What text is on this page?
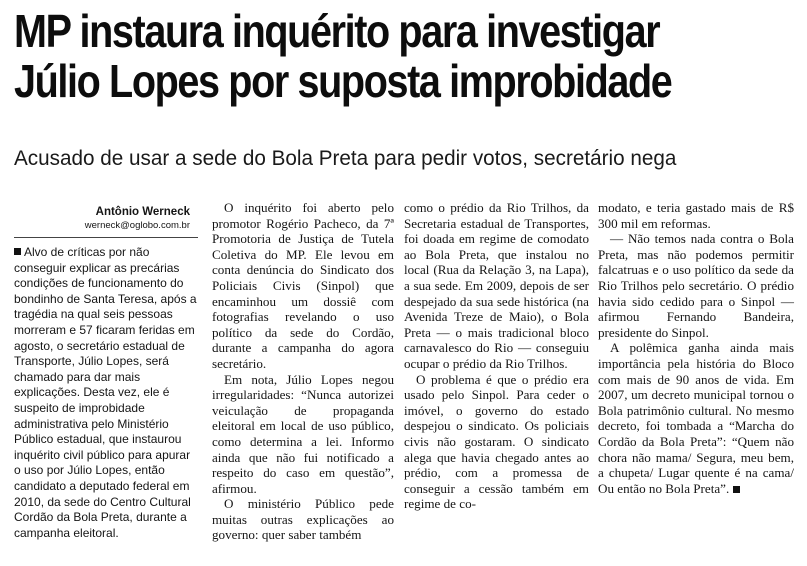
MP instaura inquérito para investigar
Júlio Lopes por suposta improbidade
Acusado de usar a sede do Bola Preta para pedir votos, secretário nega
Antônio Werneck
werneck@oglobo.com.br

Alvo de críticas por não conseguir explicar as precárias condições de funcionamento do bondinho de Santa Teresa, após a tragédia na qual seis pessoas morreram e 57 ficaram feridas em agosto, o secretário estadual de Transporte, Júlio Lopes, será chamado para dar mais explicações. Desta vez, ele é suspeito de improbidade administrativa pelo Ministério Público estadual, que instaurou inquérito civil público para apurar o uso por Júlio Lopes, então candidato a deputado federal em 2010, da sede do Centro Cultural Cordão da Bola Preta, durante a campanha eleitoral.

O inquérito foi aberto pelo promotor Rogério Pacheco, da 7ª Promotoria de Justiça de Tutela Coletiva do MP. Ele levou em conta denúncia do Sindicato dos Policiais Civis (Sinpol) que encaminhou um dossiê com fotografias revelando o uso político da sede do Cordão, durante a campanha do agora secretário.

Em nota, Júlio Lopes negou irregularidades: “Nunca autorizei veiculação de propaganda eleitoral em local de uso público, como determina a lei. Informo ainda que não fui notificado a respeito do caso em questão”, afirmou.

O ministério Público pede muitas outras explicações ao governo: quer saber também

como o prédio da Rio Trilhos, da Secretaria estadual de Transportes, foi doada em regime de comodato ao Bola Preta, que instalou no local (Rua da Relação 3, na Lapa), a sua sede. Em 2009, depois de ser despejado da sua sede histórica (na Avenida Treze de Maio), o Bola Preta — o mais tradicional bloco carnavalesco do Rio — conseguiu ocupar o prédio da Rio Trilhos.

O problema é que o prédio era usado pelo Sinpol. Para ceder o imóvel, o governo do estado despejou o sindicato. Os policiais civis não gostaram. O sindicato alega que havia chegado antes ao prédio, com a promessa de conseguir a cessão também em regime de co-

modato, e teria gastado mais de R$ 300 mil em reformas.

— Não temos nada contra o Bola Preta, mas não podemos permitir falcatruas e o uso político da sede da Rio Trilhos pelo secretário. O prédio havia sido cedido para o Sinpol — afirmou Fernando Bandeira, presidente do Sinpol.

A polêmica ganha ainda mais importância pela história do Bloco com mais de 90 anos de vida. Em 2007, um decreto municipal tornou o Bola patrimônio cultural. No mesmo decreto, foi tombada a “Marcha do Cordão da Bola Preta”: “Quem não chora não mama/ Segura, meu bem, a chupeta/ Lugar quente é na cama/ Ou então no Bola Preta”.
